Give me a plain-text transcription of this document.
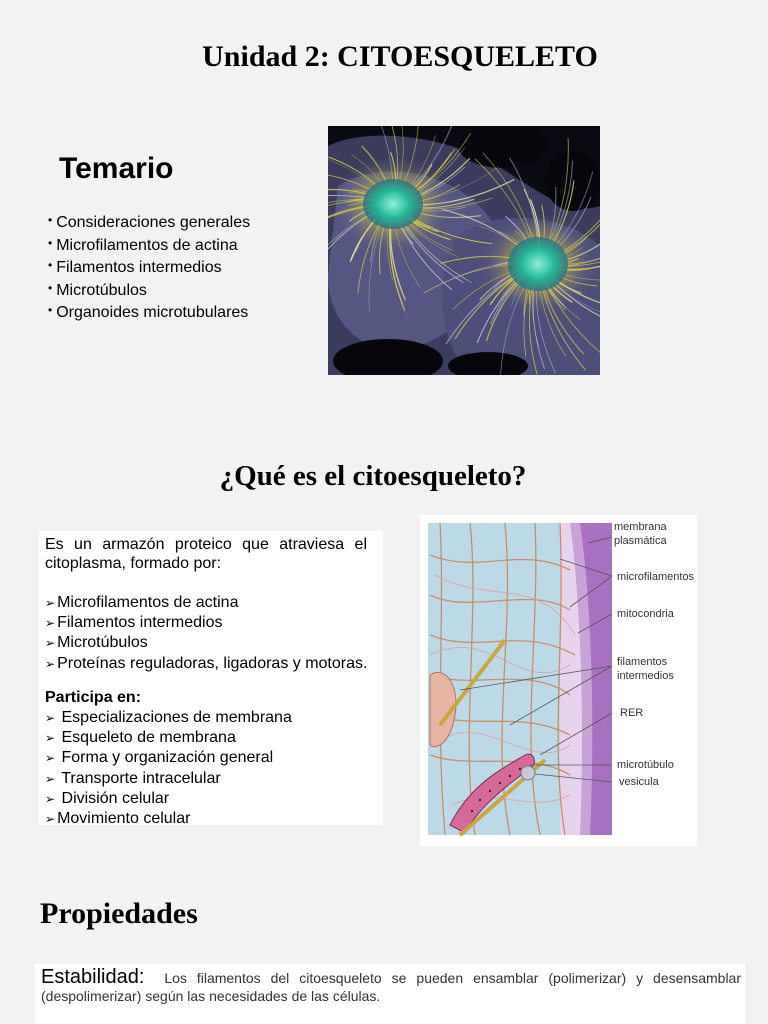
Unidad 2: CITOESQUELETO
Temario
• Consideraciones generales
• Microfilamentos de actina
• Filamentos intermedios
• Microtúbulos
• Organoides microtubulares
¿Qué es el citoesqueleto?
Es un armazón proteico que atraviesa el citoplasma, formado por:
➢ Microfilamentos de actina
➢ Filamentos intermedios
➢ Microtúbulos
➢ Proteínas reguladoras, ligadoras y motoras.
Participa en:
➢ Especializaciones de membrana
➢ Esqueleto de membrana
➢ Forma y organización general
➢ Transporte intracelular
➢ División celular
➢ Movimiento celular
membrana
plasmática
microfilamentos
mitocondria
filamentos
intermedios
RER
microtúbulo
vesicula
Propiedades
Estabilidad: Los filamentos del citoesqueleto se pueden ensamblar (polimerizar) y desensamblar (despolimerizar) según las necesidades de las células.
